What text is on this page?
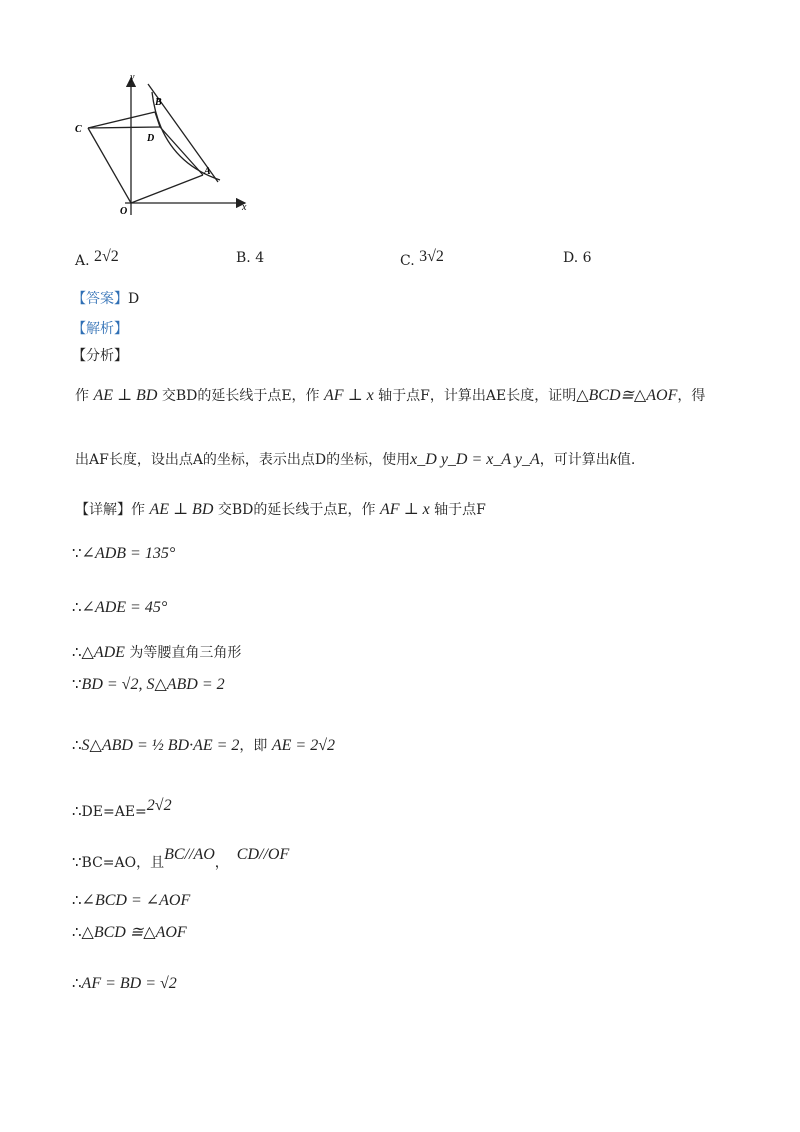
y
B
C
D
A
O	x
A. 2√2	B. 4	C. 3√2	D. 6
【答案】D
【解析】
【分析】
作 AE ⊥ BD 交BD的延长线于点E，作 AF ⊥ x 轴于点F，计算出AE长度，证明△BCD≅△AOF，得
出AF长度，设出点A的坐标，表示出点D的坐标，使用x_D y_D = x_A y_A，可计算出k值.
【详解】作 AE ⊥ BD 交BD的延长线于点E，作 AF ⊥ x 轴于点F
∵∠ADB = 135°
∴∠ADE = 45°
∴△ADE 为等腰直角三角形
∵BD = √2, S△ABD = 2
∴S△ABD = ½ BD·AE = 2，即 AE = 2√2
∴DE=AE=2√2
∵BC=AO，且BC//AO， CD//OF
∴∠BCD = ∠AOF
∴△BCD ≅△AOF
∴AF = BD = √2
